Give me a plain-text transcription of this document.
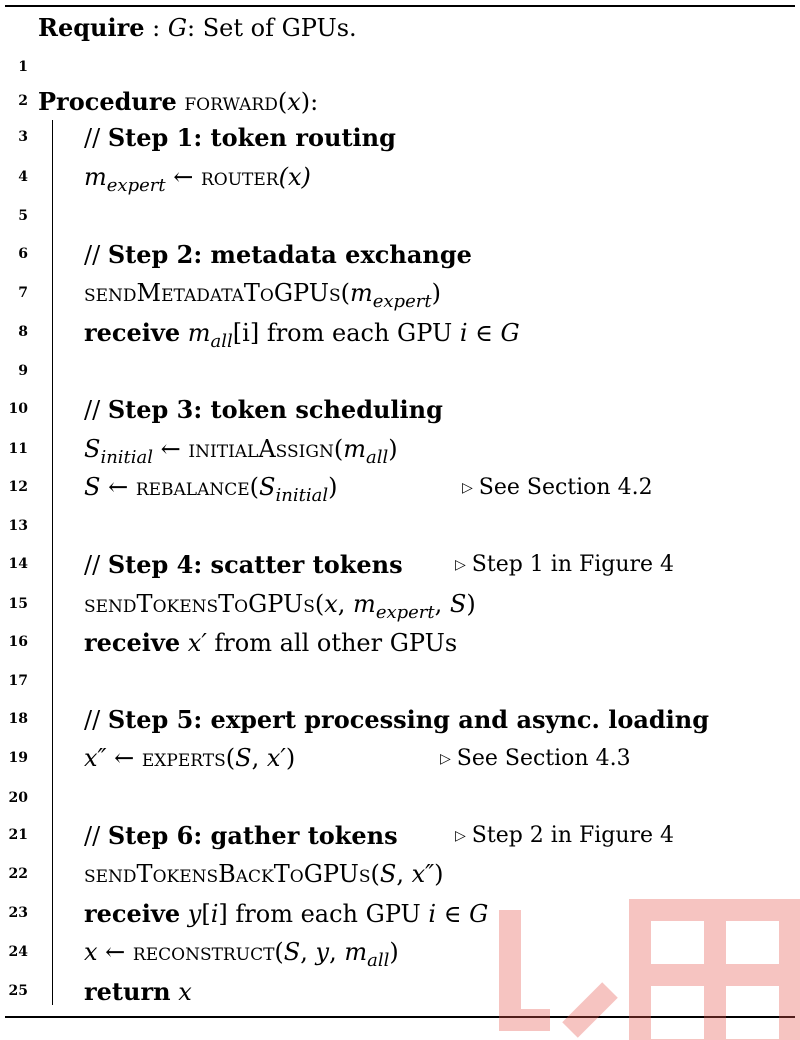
Require : G: Set of GPUs.
1
2 Procedure forward(x):
3 // Step 1: token routing
4 $m_{expert}$ ← router(x)
5
6 // Step 2: metadata exchange
7 $sendMetadataToGPUs(m_{expert})$
8 receive $m_{all}[i]$ from each GPU i ∈ G
9
10 // Step 3: token scheduling
11 $S_{initial}$ ← $initialAssign(m_{all})$
12 S ← $rebalance(S_{initial})$	▷ See Section 4.2
13
14 // Step 4: scatter tokens	▷ Step 1 in Figure 4
15 sendTokensToGPUs(x, $m_{expert}$, S)
16 receive x′ from all other GPUs
17
18 // Step 5: expert processing and async. loading
19 x″ ← experts(S, x′)	▷ See Section 4.3
20
21 // Step 6: gather tokens	▷ Step 2 in Figure 4
22 sendTokensBackToGPUs(S, x″)
23 receive y[i] from each GPU i ∈ G
24 x ← reconstruct(S, y, $m_{all}$)
25 return x
